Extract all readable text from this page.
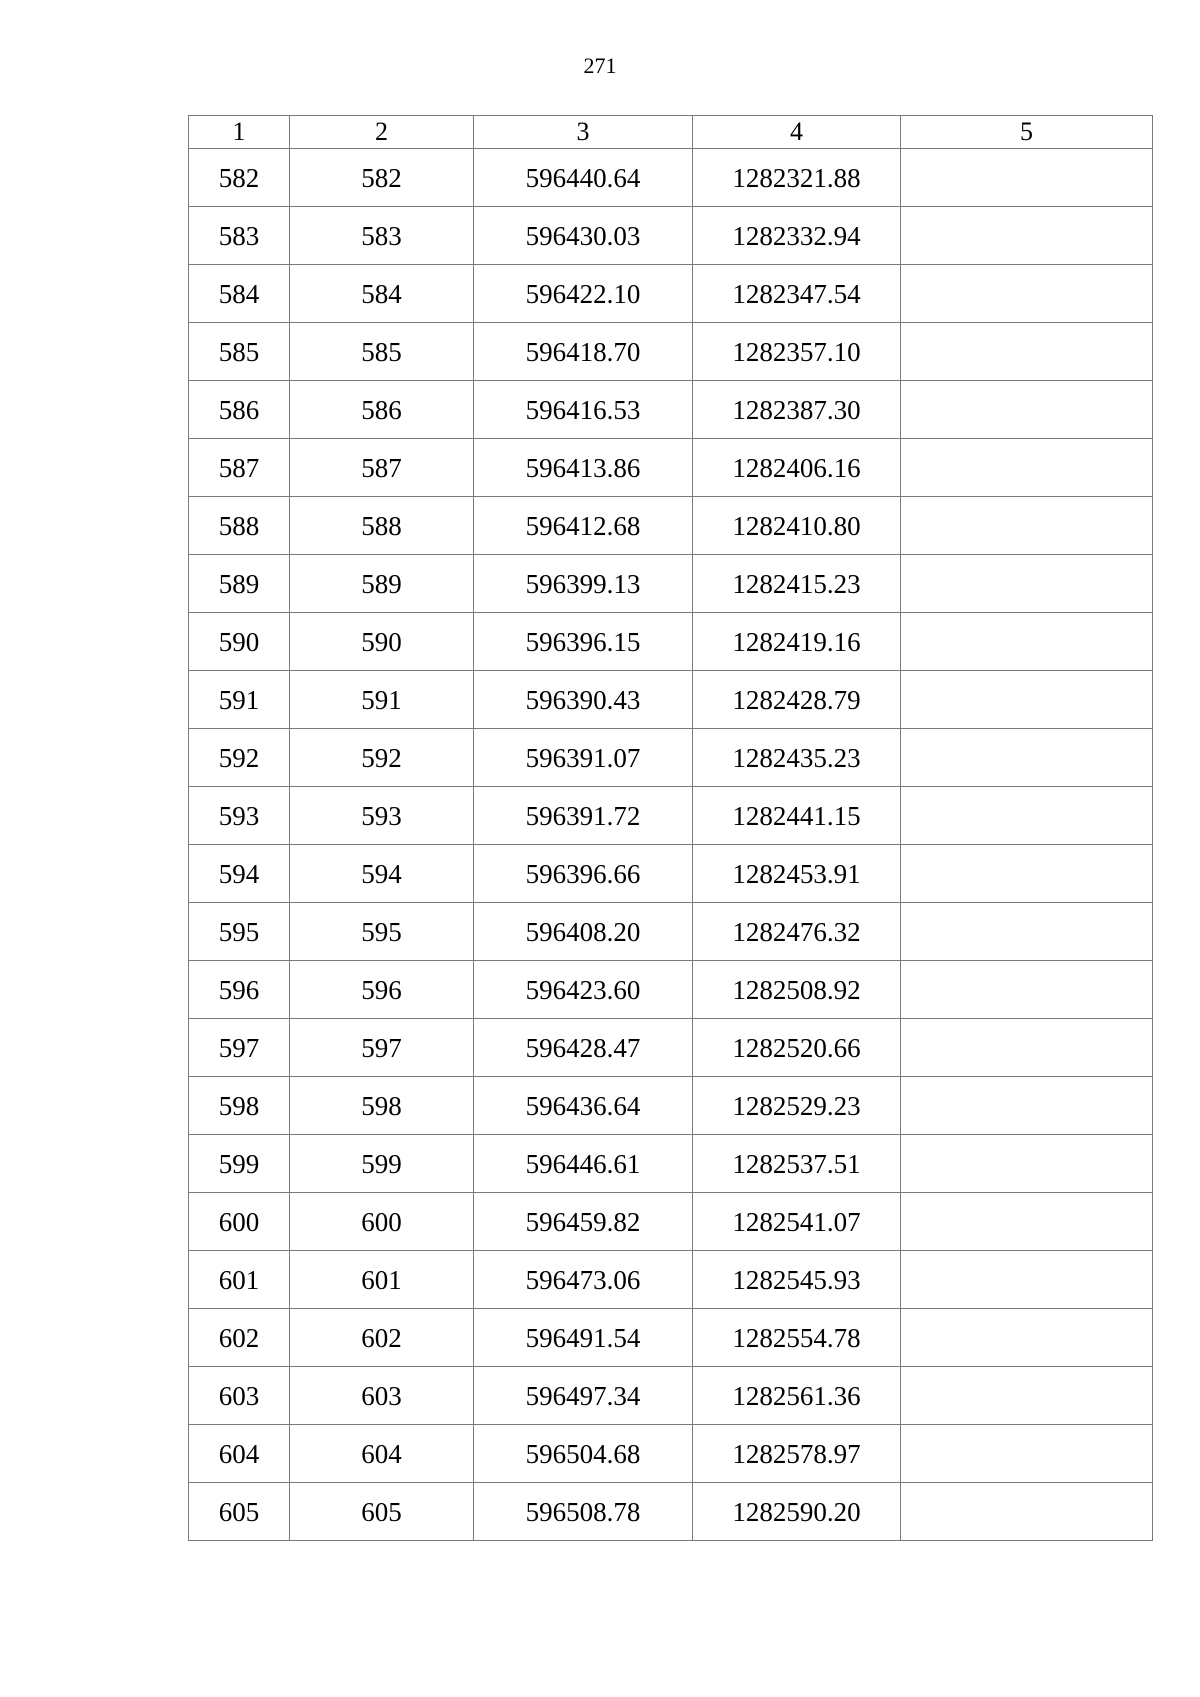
271
1	2	3	4	5
582	582	596440.64	1282321.88	
583	583	596430.03	1282332.94	
584	584	596422.10	1282347.54	
585	585	596418.70	1282357.10	
586	586	596416.53	1282387.30	
587	587	596413.86	1282406.16	
588	588	596412.68	1282410.80	
589	589	596399.13	1282415.23	
590	590	596396.15	1282419.16	
591	591	596390.43	1282428.79	
592	592	596391.07	1282435.23	
593	593	596391.72	1282441.15	
594	594	596396.66	1282453.91	
595	595	596408.20	1282476.32	
596	596	596423.60	1282508.92	
597	597	596428.47	1282520.66	
598	598	596436.64	1282529.23	
599	599	596446.61	1282537.51	
600	600	596459.82	1282541.07	
601	601	596473.06	1282545.93	
602	602	596491.54	1282554.78	
603	603	596497.34	1282561.36	
604	604	596504.68	1282578.97	
605	605	596508.78	1282590.20	
